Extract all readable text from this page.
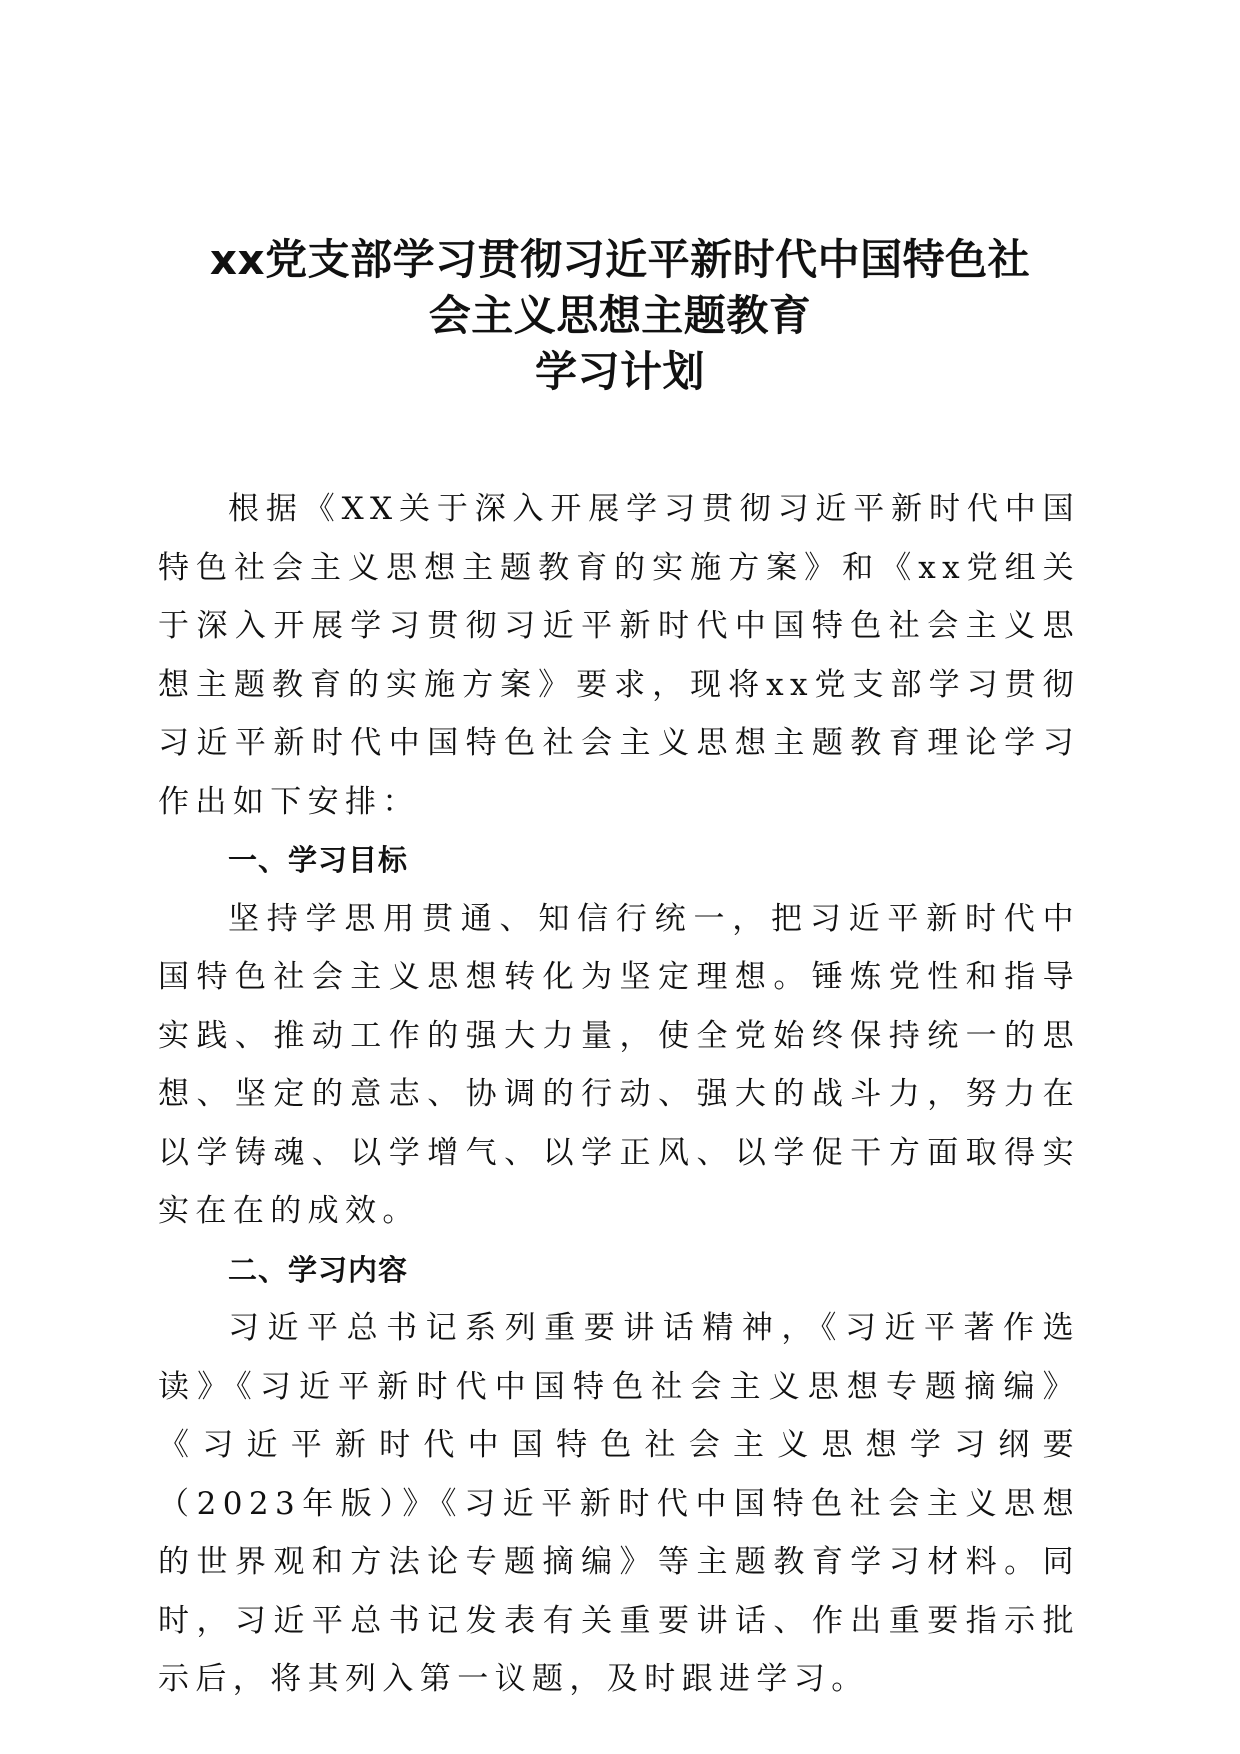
xx党支部学习贯彻习近平新时代中国特色社
会主义思想主题教育
学习计划

根据《XX关于深入开展学习贯彻习近平新时代中国特色社会主义思想主题教育的实施方案》和《xx党组关于深入开展学习贯彻习近平新时代中国特色社会主义思想主题教育的实施方案》要求，现将xx党支部学习贯彻习近平新时代中国特色社会主义思想主题教育理论学习作出如下安排：

一、学习目标

坚持学思用贯通、知信行统一，把习近平新时代中国特色社会主义思想转化为坚定理想。锤炼党性和指导实践、推动工作的强大力量，使全党始终保持统一的思想、坚定的意志、协调的行动、强大的战斗力，努力在以学铸魂、以学增气、以学正风、以学促干方面取得实实在在的成效。

二、学习内容

习近平总书记系列重要讲话精神，《习近平著作选读》《习近平新时代中国特色社会主义思想专题摘编》《习近平新时代中国特色社会主义思想学习纲要（2023年版）》《习近平新时代中国特色社会主义思想的世界观和方法论专题摘编》等主题教育学习材料。同时，习近平总书记发表有关重要讲话、作出重要指示批示后，将其列入第一议题，及时跟进学习。
